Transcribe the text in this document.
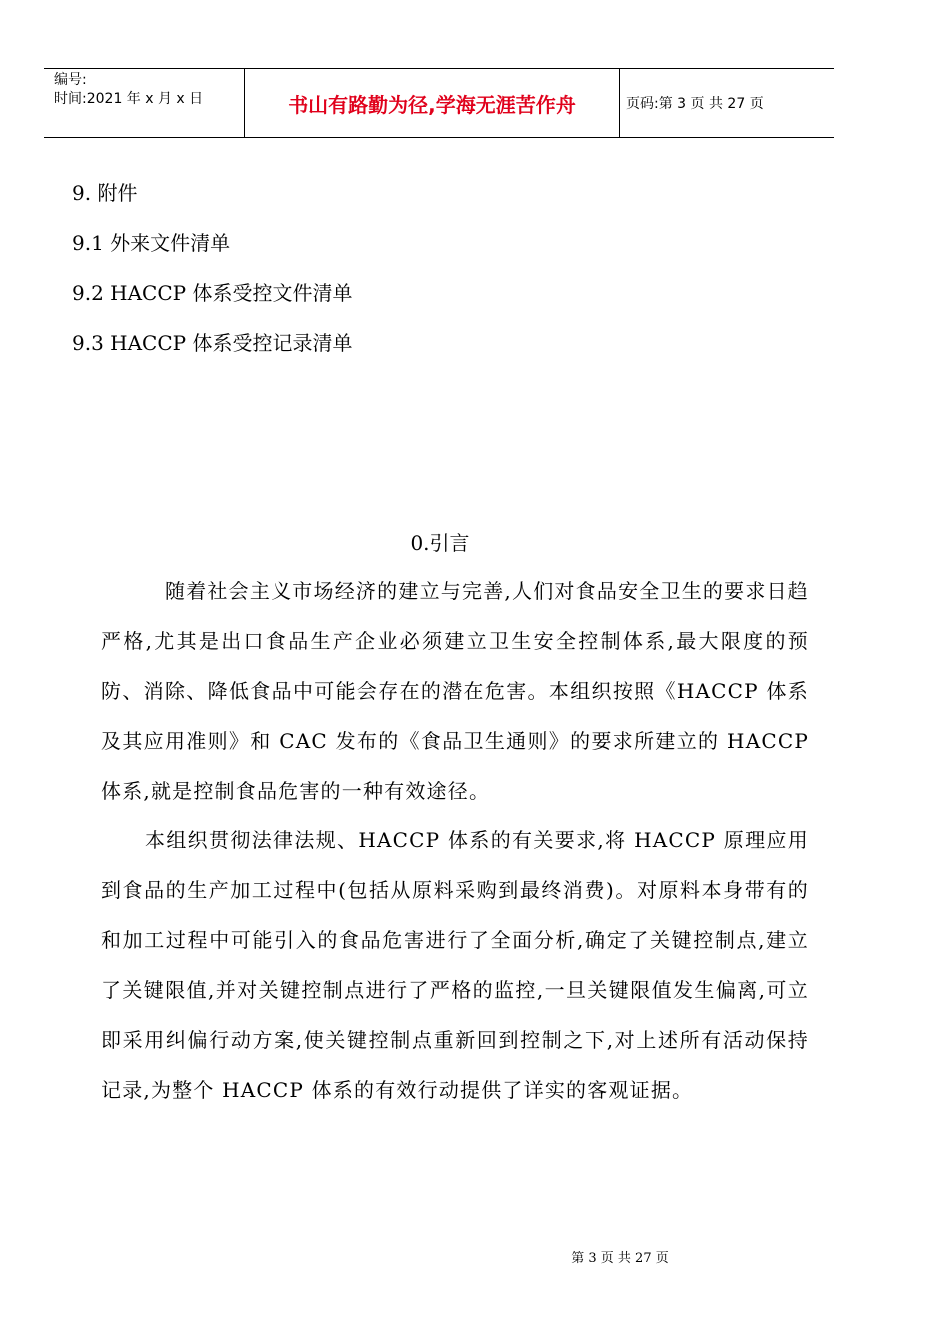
编号:
时间:2021 年 x 月 x 日	书山有路勤为径,学海无涯苦作舟	页码:第 3 页 共 27 页
9. 附件
9.1 外来文件清单
9.2 HACCP 体系受控文件清单
9.3 HACCP 体系受控记录清单
0.引言

随着社会主义市场经济的建立与完善,人们对食品安全卫生的要求日趋严格,尤其是出口食品生产企业必须建立卫生安全控制体系,最大限度的预防、消除、降低食品中可能会存在的潜在危害。本组织按照《HACCP 体系及其应用准则》和 CAC 发布的《食品卫生通则》的要求所建立的 HACCP 体系,就是控制食品危害的一种有效途径。

本组织贯彻法律法规、HACCP 体系的有关要求,将 HACCP 原理应用到食品的生产加工过程中(包括从原料采购到最终消费)。对原料本身带有的和加工过程中可能引入的食品危害进行了全面分析,确定了关键控制点,建立了关键限值,并对关键控制点进行了严格的监控,一旦关键限值发生偏离,可立即采用纠偏行动方案,使关键控制点重新回到控制之下,对上述所有活动保持记录,为整个 HACCP 体系的有效行动提供了详实的客观证据。

第 3 页 共 27 页
